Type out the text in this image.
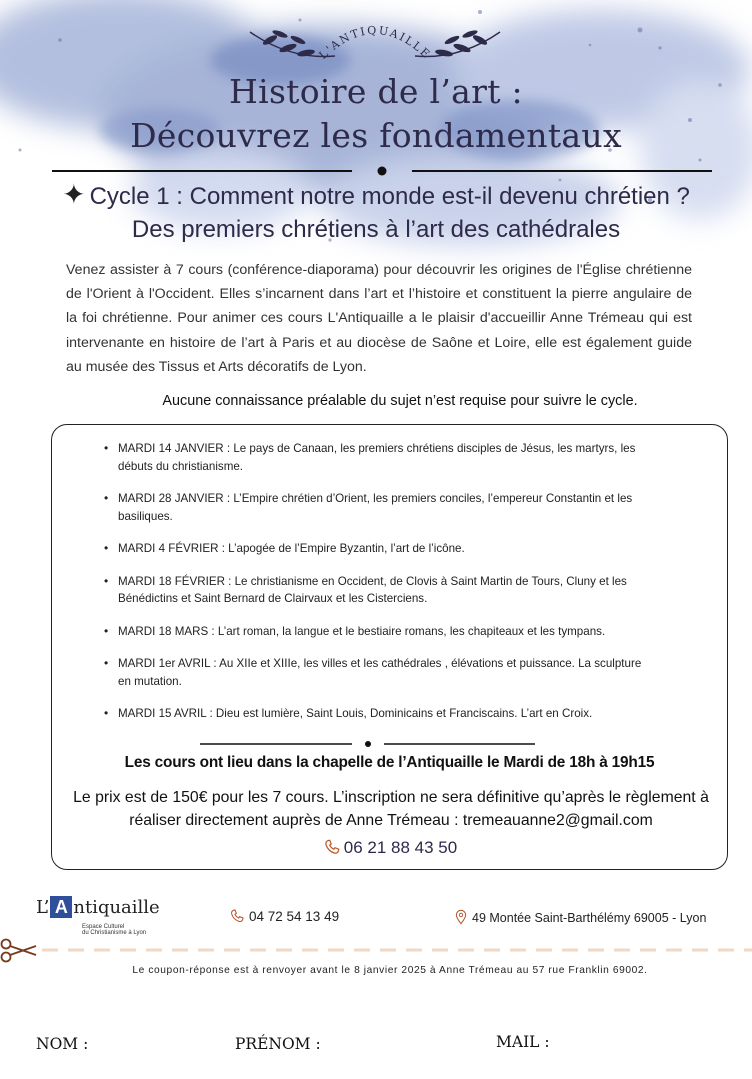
L'ANTIQUAILLE
Histoire de l’art :
Découvrez les fondamentaux
✦ Cycle 1 : Comment notre monde est-il devenu chrétien ?
Des premiers chrétiens à l’art des cathédrales

Venez assister à 7 cours (conférence-diaporama) pour découvrir les origines de l'Église chrétienne de l'Orient à l'Occident. Elles s’incarnent dans l’art et l’histoire et constituent la pierre angulaire de la foi chrétienne. Pour animer ces cours L'Antiquaille a le plaisir d'accueillir Anne Trémeau qui est intervenante en histoire de l’art à Paris et au diocèse de Saône et Loire, elle est également guide au musée des Tissus et Arts décoratifs de Lyon.

Aucune connaissance préalable du sujet n’est requise pour suivre le cycle.
• MARDI 14 JANVIER : Le pays de Canaan, les premiers chrétiens disciples de Jésus, les martyrs, les débuts du christianisme.
• MARDI 28 JANVIER : L’Empire chrétien d’Orient, les premiers conciles, l’empereur Constantin et les basiliques.
• MARDI 4 FÉVRIER : L’apogée de l’Empire Byzantin, l’art de l’icône.
• MARDI 18 FÉVRIER : Le christianisme en Occident, de Clovis à Saint Martin de Tours, Cluny et les Bénédictins et Saint Bernard de Clairvaux et les Cisterciens.
• MARDI 18 MARS : L’art roman, la langue et le bestiaire romans, les chapiteaux et les tympans.
• MARDI 1er AVRIL : Au XIIe et XIIIe, les villes et les cathédrales , élévations et puissance. La sculpture en mutation.
• MARDI 15 AVRIL : Dieu est lumière, Saint Louis, Dominicains et Franciscains. L’art en Croix.
Les cours ont lieu dans la chapelle de l’Antiquaille le Mardi de 18h à 19h15
Le prix est de 150€ pour les 7 cours. L’inscription ne sera définitive qu’après le règlement à réaliser directement auprès de Anne Trémeau : tremeauanne2@gmail.com
06 21 88 43 50
L’ A ntiquaille
Espace Culturel
du Christianisme à Lyon
04 72 54 13 49	49 Montée Saint-Barthélémy 69005 - Lyon
Le coupon-réponse est à renvoyer avant le 8 janvier 2025 à Anne Trémeau au 57 rue Franklin 69002.
NOM :	PRÉNOM :	MAIL :
